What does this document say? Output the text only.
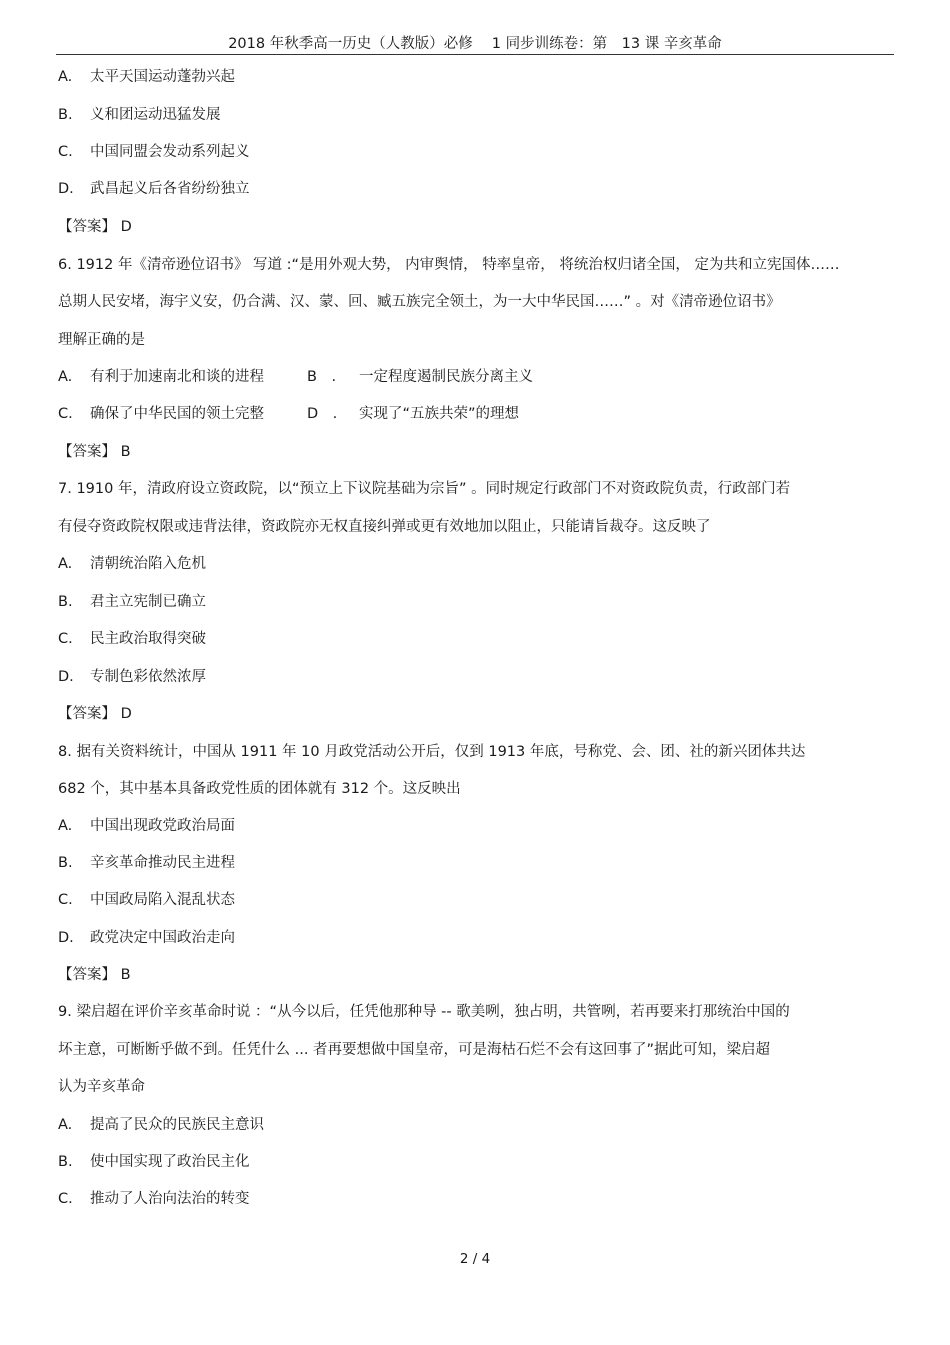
2018 年秋季高一历史（人教版）必修　 1 同步训练卷：第　13 课 辛亥革命
A. 太平天国运动蓬勃兴起
B. 义和团运动迅猛发展
C. 中国同盟会发动系列起义
D. 武昌起义后各省纷纷独立
【答案】 D
6. 1912 年《清帝逊位诏书》 写道 :“是用外观大势， 内审舆情， 特率皇帝， 将统治权归诸全国， 定为共和立宪国体……
总期人民安堵，海宇义安，仍合满、汉、蒙、回、臧五族完全领土，为一大中华民国……” 。对《清帝逊位诏书》
理解正确的是
A. 有利于加速南北和谈的进程	B　. 一定程度遏制民族分离主义
C. 确保了中华民国的领土完整	D　. 实现了“五族共荣”的理想
【答案】 B
7. 1910 年，清政府设立资政院，以“预立上下议院基础为宗旨” 。同时规定行政部门不对资政院负责，行政部门若
有侵夺资政院权限或违背法律，资政院亦无权直接纠弹或更有效地加以阻止，只能请旨裁夺。这反映了
A. 清朝统治陷入危机
B. 君主立宪制已确立
C. 民主政治取得突破
D. 专制色彩依然浓厚
【答案】 D
8. 据有关资料统计，中国从 1911 年 10 月政党活动公开后，仅到 1913 年底，号称党、会、团、社的新兴团体共达
682 个，其中基本具备政党性质的团体就有 312 个。这反映出
A. 中国出现政党政治局面
B. 辛亥革命推动民主进程
C. 中国政局陷入混乱状态
D. 政党决定中国政治走向
【答案】 B
9. 梁启超在评价辛亥革命时说 ：“从今以后，任凭他那种导 -- 歌美咧，独占明，共管咧，若再要来打那统治中国的
坏主意，可断断乎做不到。任凭什么 ... 者再要想做中国皇帝，可是海枯石烂不会有这回事了”据此可知，梁启超
认为辛亥革命
A. 提高了民众的民族民主意识
B. 使中国实现了政治民主化
C. 推动了人治向法治的转变
2 / 4
